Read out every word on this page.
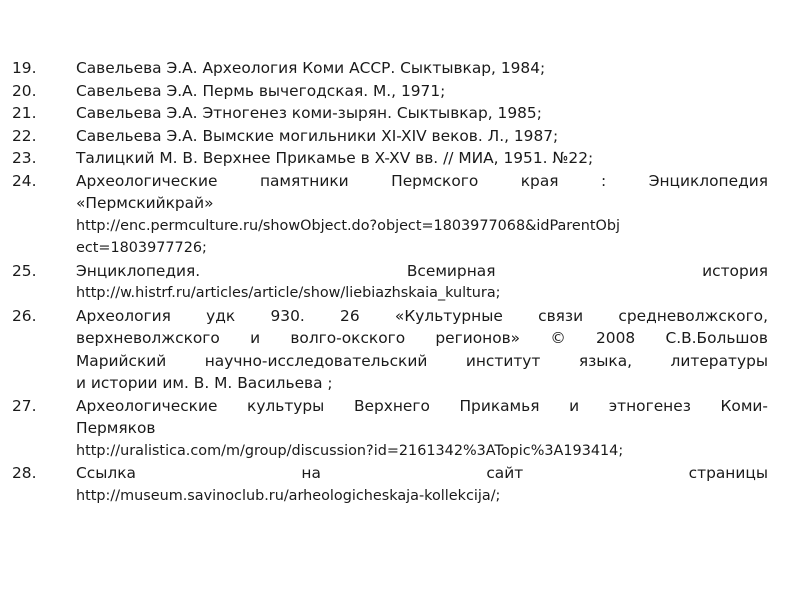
19.	Савельева Э.А. Археология Коми АССР. Сыктывкар, 1984;
20.	Савельева Э.А. Пермь вычегодская. М., 1971;
21.	Савельева Э.А. Этногенез коми-зырян. Сыктывкар, 1985;
22.	Савельева Э.А. Вымские могильники XI-XIV веков. Л., 1987;
23.	Талицкий М. В. Верхнее Прикамье в X-XV вв. // МИА, 1951. №22;
24.	Археологические памятники Пермского края : Энциклопедия
«Пермскийкрай»
http://enc.permculture.ru/showObject.do?object=1803977068&idParentObj
ect=1803977726;
25.	Энциклопедия. Всемирная история
http://w.histrf.ru/articles/article/show/liebiazhskaia_kultura;
26.	Археология удк 930. 26 «Культурные связи средневолжского,
верхневолжского и волго-окского регионов» © 2008 С.В.Большов
Марийский научно-исследовательский институт языка, литературы
и истории им. В. М. Васильева ;
27.	Археологические культуры Верхнего Прикамья и этногенез Коми-
Пермяков
http://uralistica.com/m/group/discussion?id=2161342%3ATopic%3A193414;
28.	Ссылка на сайт страницы
http://museum.savinoclub.ru/arheologicheskaja-kollekcija/;
